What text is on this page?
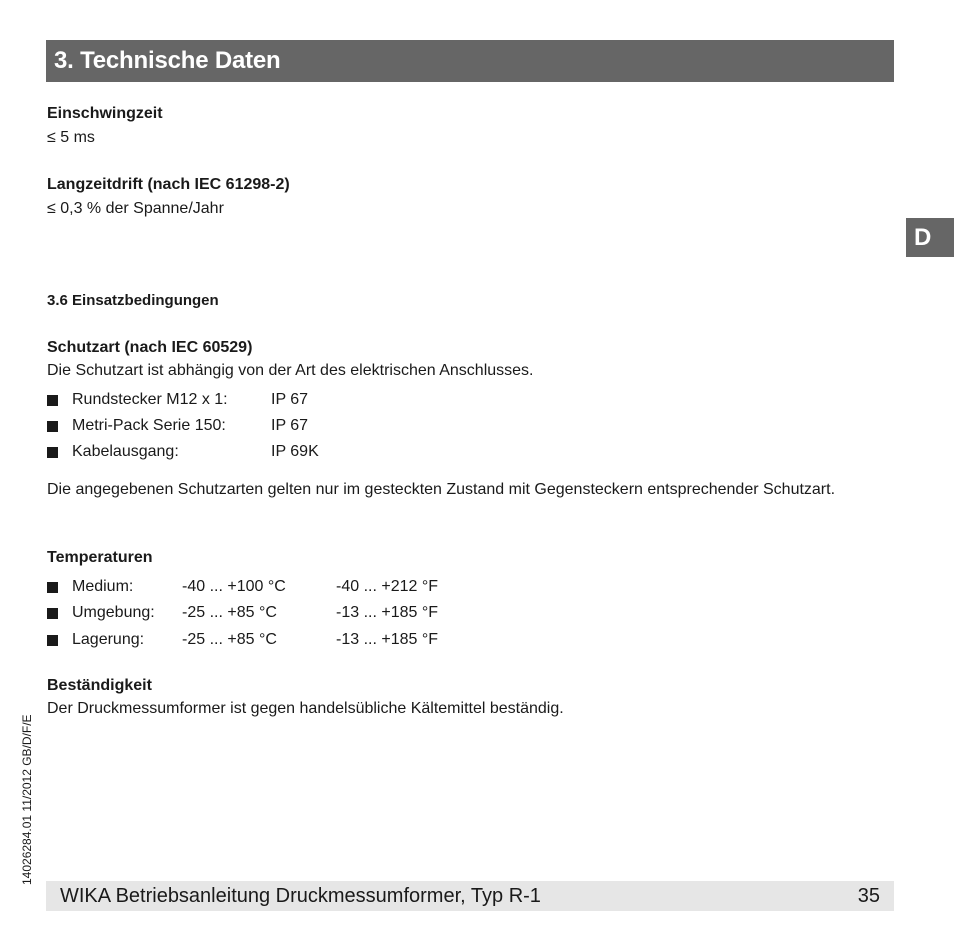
3. Technische Daten
D
Einschwingzeit
≤ 5 ms
Langzeitdrift (nach IEC 61298-2)
≤ 0,3 % der Spanne/Jahr
3.6 Einsatzbedingungen
Schutzart (nach IEC 60529)
Die Schutzart ist abhängig von der Art des elektrischen Anschlusses.
Rundstecker M12 x 1:	IP 67
Metri-Pack Serie 150:	IP 67
Kabelausgang:	IP 69K
Die angegebenen Schutzarten gelten nur im gesteckten Zustand mit Gegensteckern entsprechender Schutzart.
Temperaturen
Medium:	-40 ... +100 °C	-40 ... +212 °F
Umgebung: -25 ... +85 °C	-13 ... +185 °F
Lagerung: -25 ... +85 °C	-13 ... +185 °F
Beständigkeit
Der Druckmessumformer ist gegen handelsübliche Kältemittel beständig.
14026284.01 11/2012 GB/D/F/E
WIKA Betriebsanleitung Druckmessumformer, Typ R-1	35
